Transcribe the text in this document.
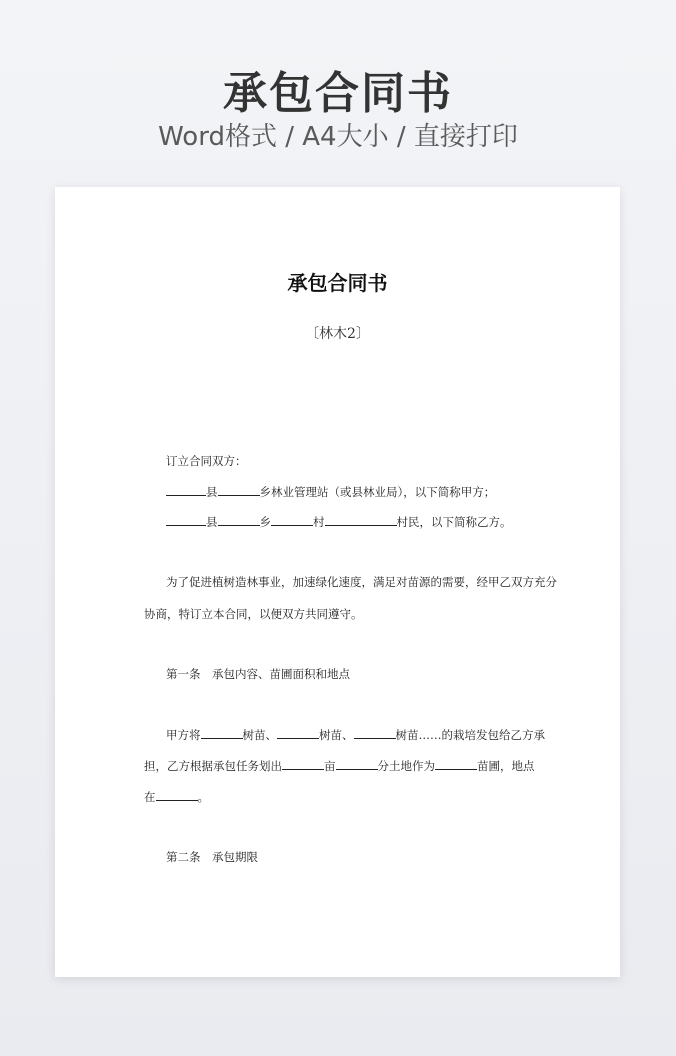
承包合同书
Word格式 / A4大小 / 直接打印
承包合同书
〔林木2〕
订立合同双方：
县	乡林业管理站（或县林业局），以下简称甲方；
县	乡	村	村民，以下简称乙方。
为了促进植树造林事业，加速绿化速度，满足对苗源的需要，经甲乙双方充分
协商，特订立本合同，以便双方共同遵守。
第一条　承包内容、苗圃面积和地点
甲方将	树苗、	树苗、	树苗……的栽培发包给乙方承
担，乙方根据承包任务划出	亩	分土地作为	苗圃，地点
在	。
第二条　承包期限
